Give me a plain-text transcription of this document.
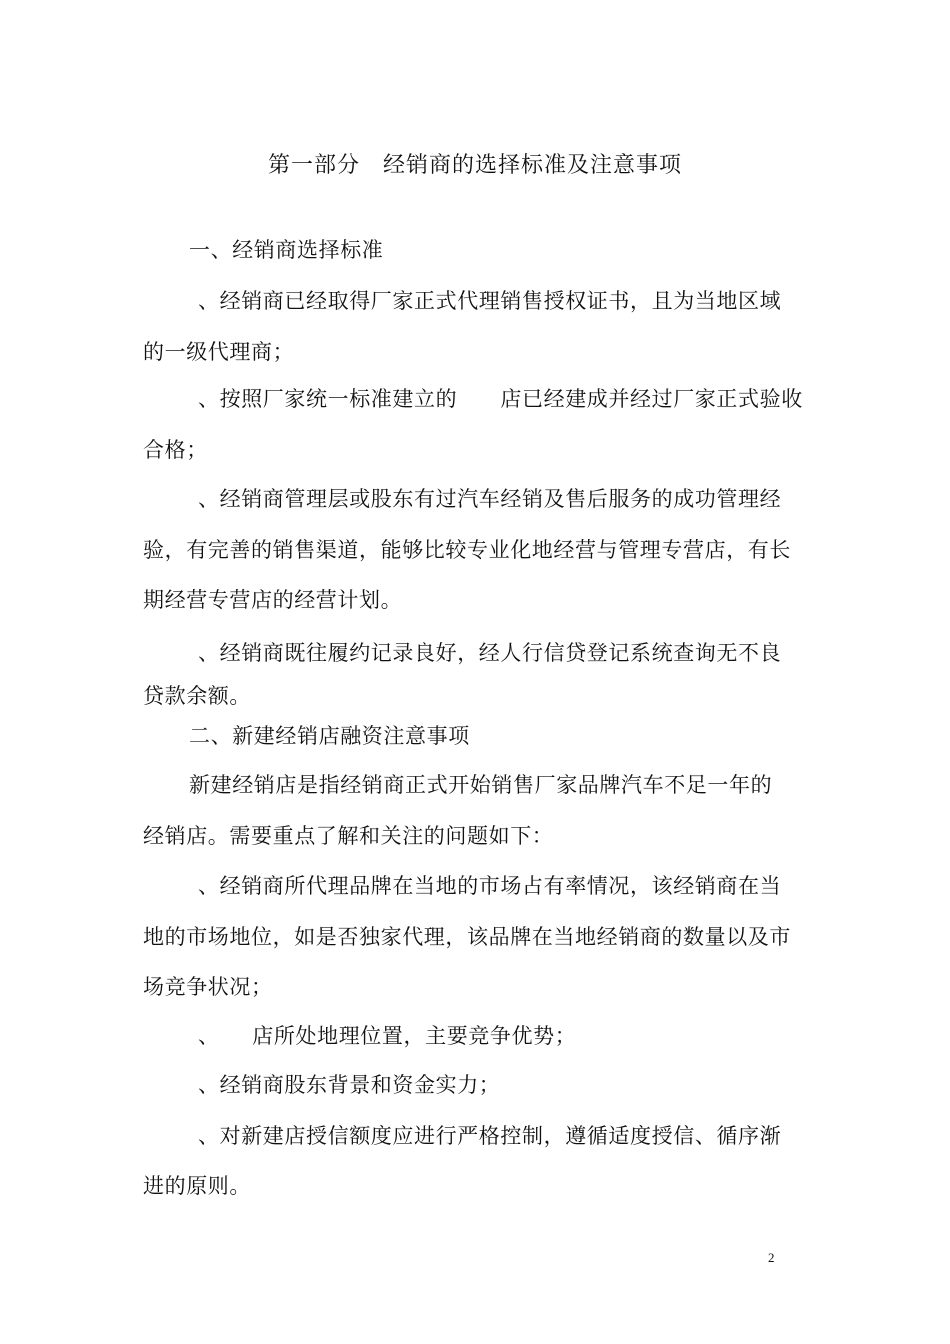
第一部分　经销商的选择标准及注意事项
一、经销商选择标准
、经销商已经取得厂家正式代理销售授权证书，且为当地区域
的一级代理商；
、按照厂家统一标准建立的　　店已经建成并经过厂家正式验收
合格；
、经销商管理层或股东有过汽车经销及售后服务的成功管理经
验，有完善的销售渠道，能够比较专业化地经营与管理专营店，有长
期经营专营店的经营计划。
、经销商既往履约记录良好，经人行信贷登记系统查询无不良
贷款余额。
二、新建经销店融资注意事项
新建经销店是指经销商正式开始销售厂家品牌汽车不足一年的
经销店。需要重点了解和关注的问题如下：
、经销商所代理品牌在当地的市场占有率情况，该经销商在当
地的市场地位，如是否独家代理，该品牌在当地经销商的数量以及市
场竞争状况；
、　　店所处地理位置，主要竞争优势；
、经销商股东背景和资金实力；
、对新建店授信额度应进行严格控制，遵循适度授信、循序渐
进的原则。
2
